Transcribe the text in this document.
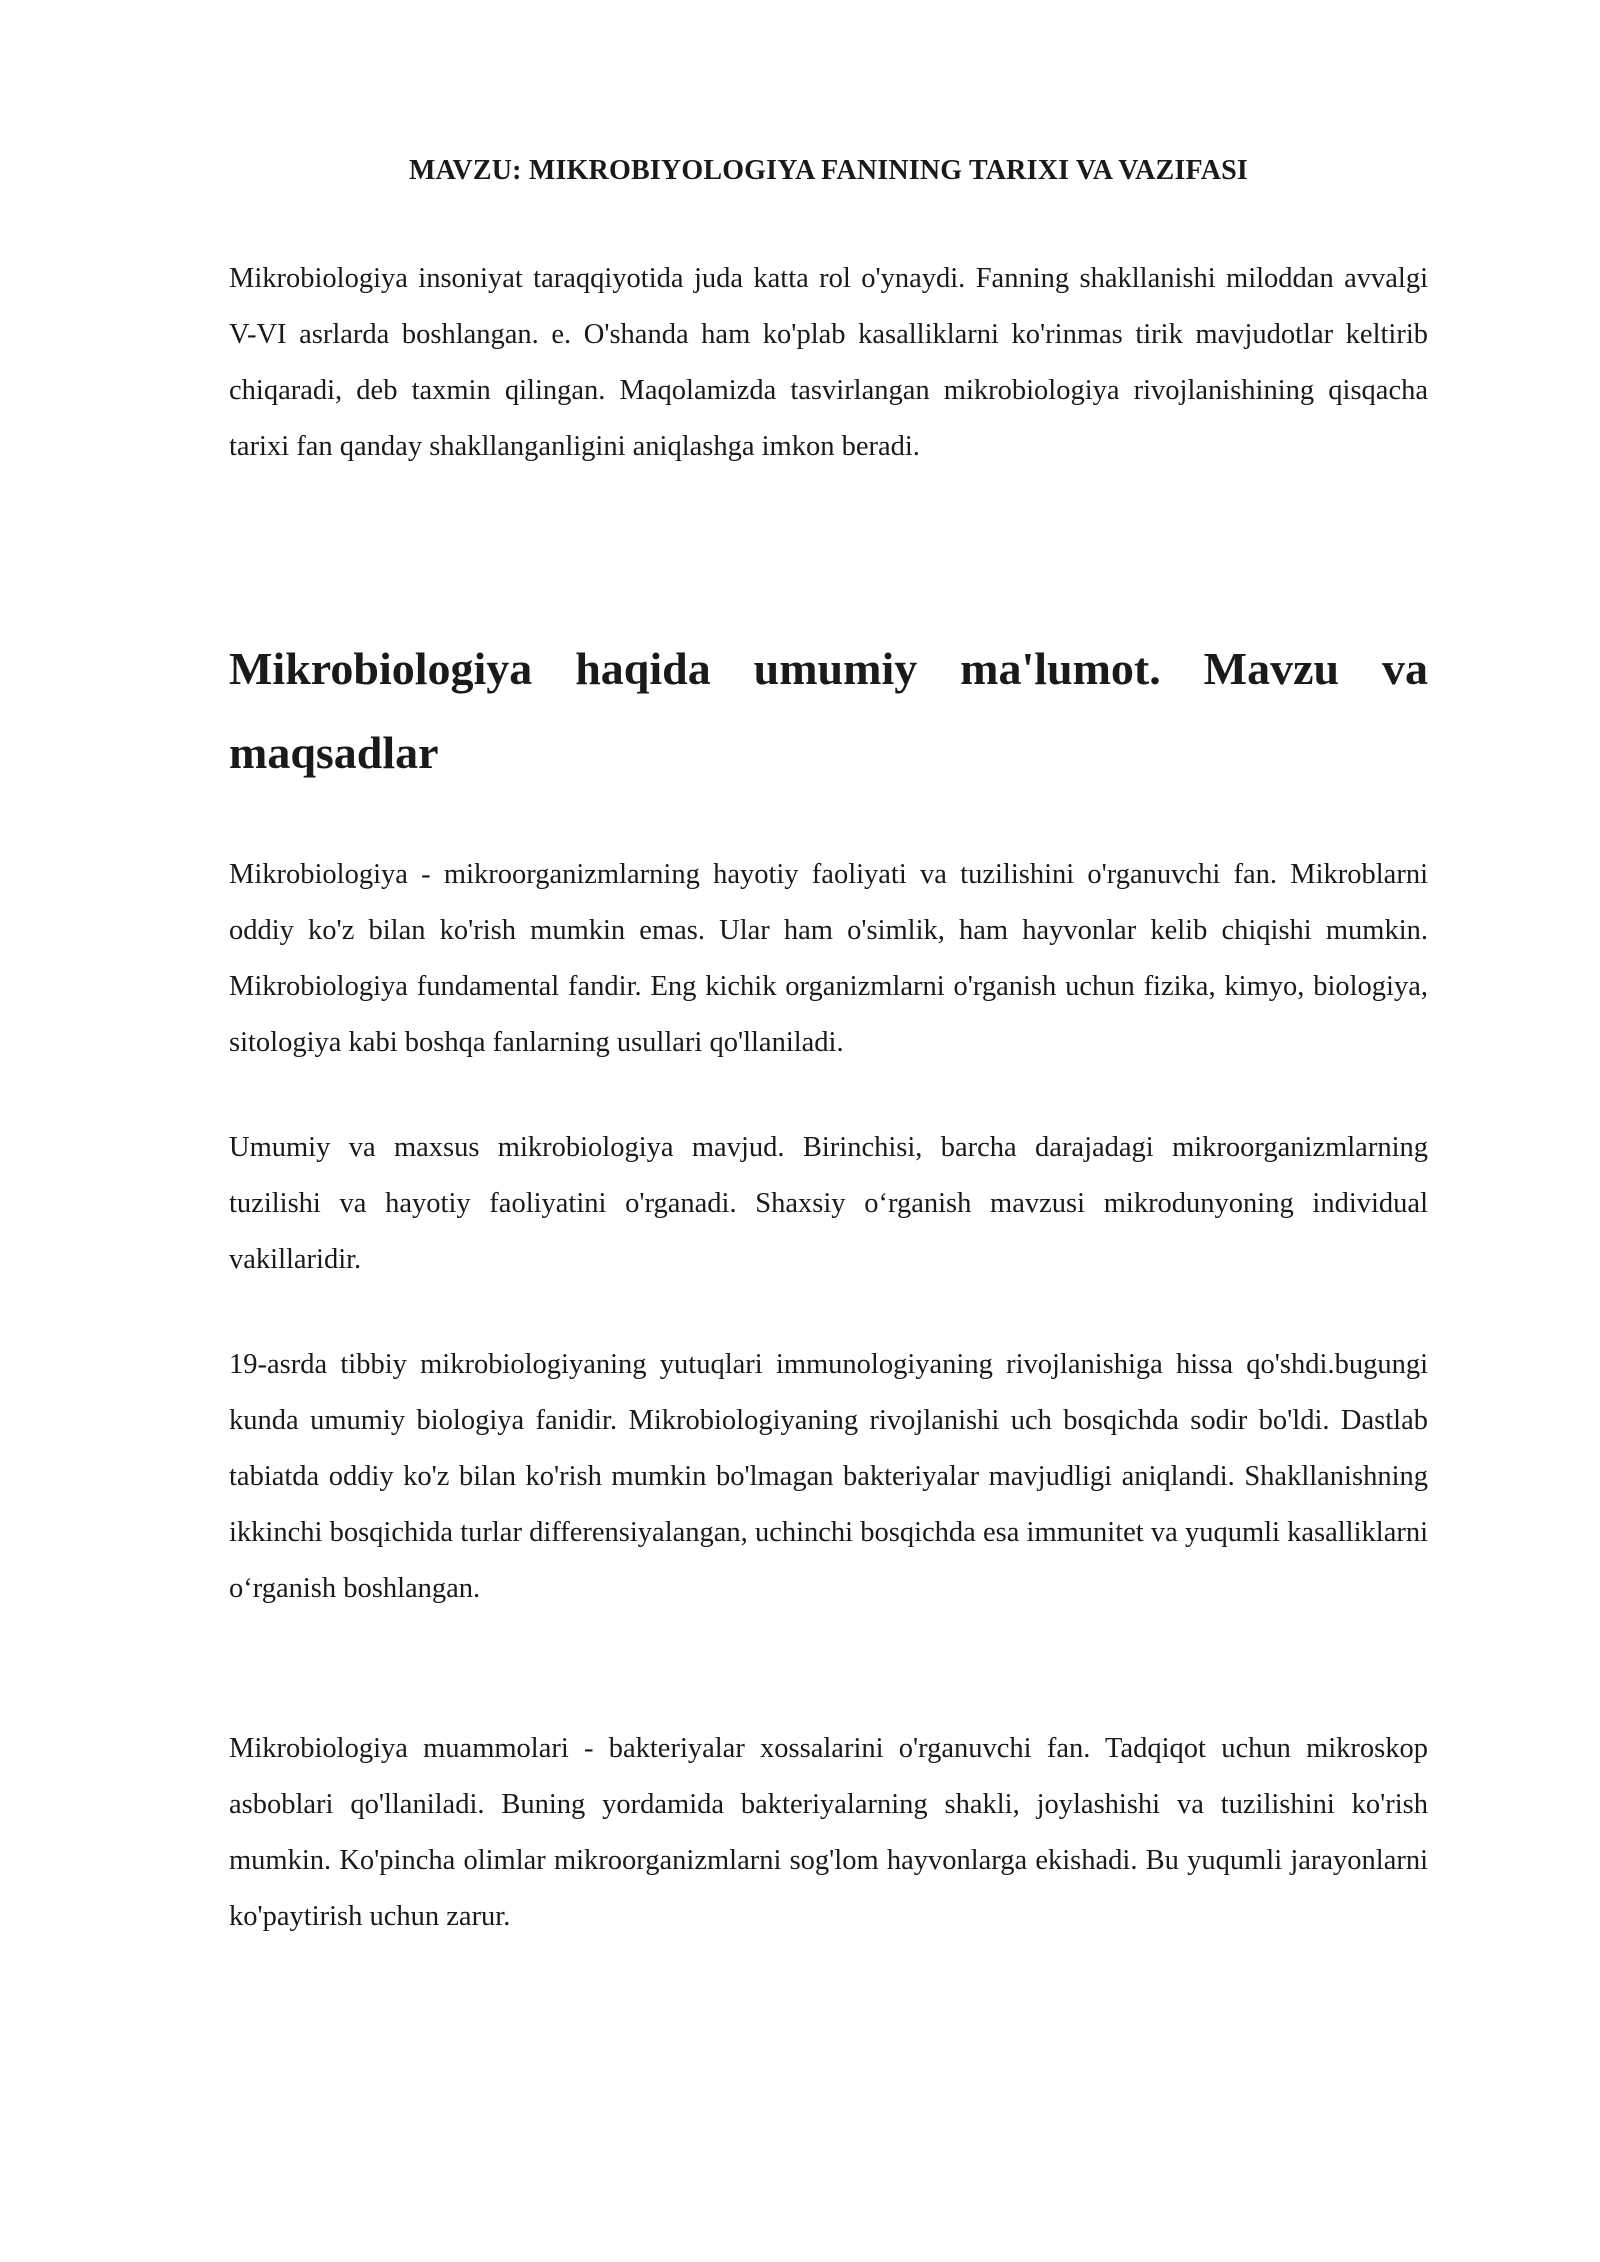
MAVZU: MIKROBIYOLOGIYA FANINING TARIXI VA VAZIFASI

Mikrobiologiya insoniyat taraqqiyotida juda katta rol o'ynaydi. Fanning shakllanishi miloddan avvalgi V-VI asrlarda boshlangan. e. O'shanda ham ko'plab kasalliklarni ko'rinmas tirik mavjudotlar keltirib chiqaradi, deb taxmin qilingan. Maqolamizda tasvirlangan mikrobiologiya rivojlanishining qisqacha tarixi fan qanday shakllanganligini aniqlashga imkon beradi.

Mikrobiologiya haqida umumiy ma'lumot. Mavzu va maqsadlar

Mikrobiologiya - mikroorganizmlarning hayotiy faoliyati va tuzilishini o'rganuvchi fan. Mikroblarni oddiy ko'z bilan ko'rish mumkin emas. Ular ham o'simlik, ham hayvonlar kelib chiqishi mumkin. Mikrobiologiya fundamental fandir. Eng kichik organizmlarni o'rganish uchun fizika, kimyo, biologiya, sitologiya kabi boshqa fanlarning usullari qo'llaniladi.

Umumiy va maxsus mikrobiologiya mavjud. Birinchisi, barcha darajadagi mikroorganizmlarning tuzilishi va hayotiy faoliyatini o'rganadi. Shaxsiy o‘rganish mavzusi mikrodunyoning individual vakillaridir.

19-asrda tibbiy mikrobiologiyaning yutuqlari immunologiyaning rivojlanishiga hissa qo'shdi.bugungi kunda umumiy biologiya fanidir. Mikrobiologiyaning rivojlanishi uch bosqichda sodir bo'ldi. Dastlab tabiatda oddiy ko'z bilan ko'rish mumkin bo'lmagan bakteriyalar mavjudligi aniqlandi. Shakllanishning ikkinchi bosqichida turlar differensiyalangan, uchinchi bosqichda esa immunitet va yuqumli kasalliklarni o‘rganish boshlangan.

Mikrobiologiya muammolari - bakteriyalar xossalarini o'rganuvchi fan. Tadqiqot uchun mikroskop asboblari qo'llaniladi. Buning yordamida bakteriyalarning shakli, joylashishi va tuzilishini ko'rish mumkin. Ko'pincha olimlar mikroorganizmlarni sog'lom hayvonlarga ekishadi. Bu yuqumli jarayonlarni ko'paytirish uchun zarur.
